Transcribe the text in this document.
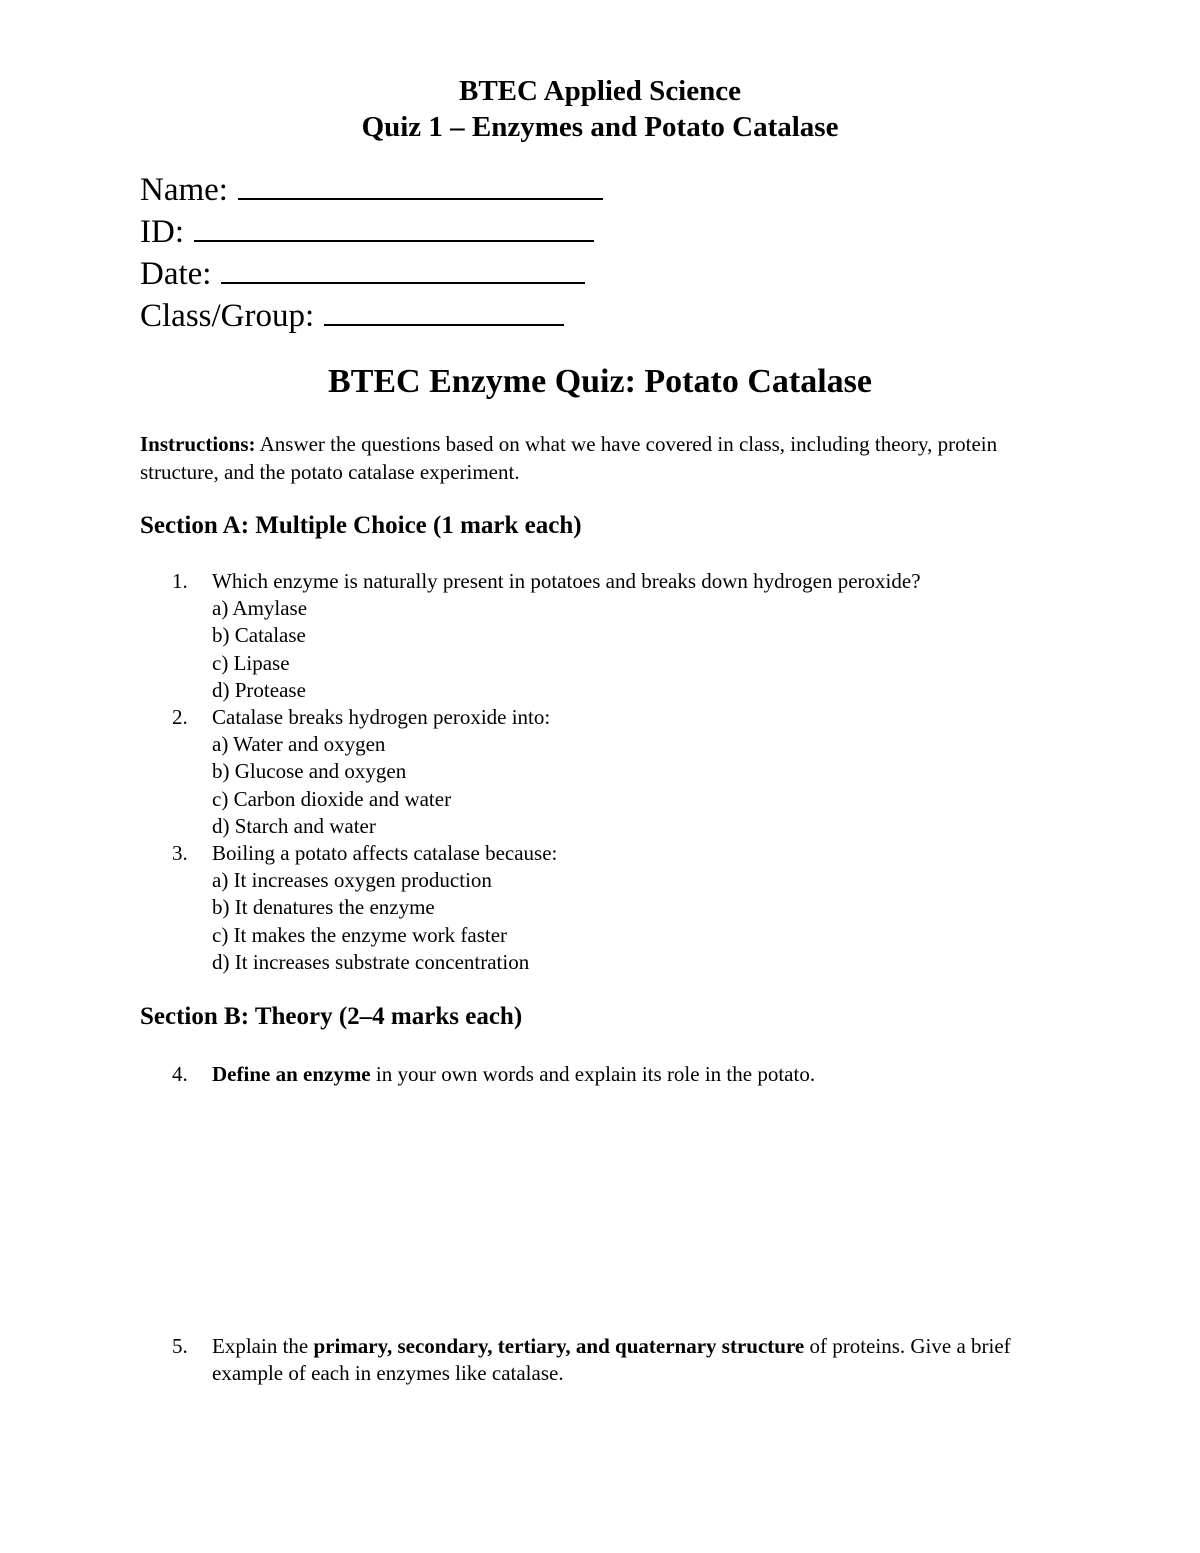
BTEC Applied Science
Quiz 1 – Enzymes and Potato Catalase
Name:
ID:
Date:
Class/Group:
BTEC Enzyme Quiz: Potato Catalase
Instructions: Answer the questions based on what we have covered in class, including theory, protein structure, and the potato catalase experiment.
Section A: Multiple Choice (1 mark each)
1. Which enzyme is naturally present in potatoes and breaks down hydrogen peroxide?
a) Amylase
b) Catalase
c) Lipase
d) Protease
2. Catalase breaks hydrogen peroxide into:
a) Water and oxygen
b) Glucose and oxygen
c) Carbon dioxide and water
d) Starch and water
3. Boiling a potato affects catalase because:
a) It increases oxygen production
b) It denatures the enzyme
c) It makes the enzyme work faster
d) It increases substrate concentration
Section B: Theory (2–4 marks each)
4. Define an enzyme in your own words and explain its role in the potato.
5. Explain the primary, secondary, tertiary, and quaternary structure of proteins. Give a brief example of each in enzymes like catalase.
